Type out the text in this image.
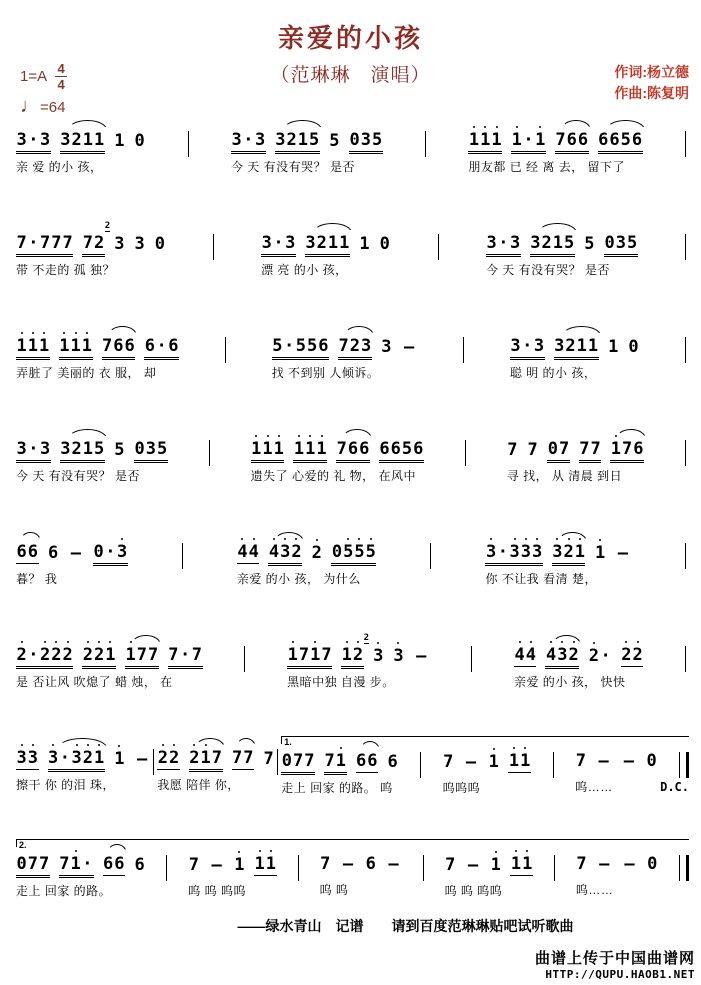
亲爱的小孩
（范琳琳　演唱）	作词:杨立德
作曲:陈复明
1=A 4
4
♩=64
3 · 3 3 2 1 1 1 0
亲 爱 的小 孩，
3 · 3 3 2 1 5 5 0 3 5
今 天 有没有哭？ 是否
1 1 1 1 · 1 7 6 6 6 6 5 6
朋友都 已 经 离 去， 留下了
7 · 7 7 7 7 2
2
3 3 0
带 不走的 孤 独？
3 · 3 3 2 1 1 1 0
漂 亮 的小 孩，
3 · 3 3 2 1 5 5 0 3 5
今 天 有没有哭？ 是否
1 1 1 1 1 1 7 6 6 6 · 6
弄脏了 美丽的 衣 服， 却
5 · 5 5 6 7 2 3 3 –
找 不到别 人倾诉。
3 · 3 3 2 1 1 1 0
聪 明 的小 孩，
3 · 3 3 2 1 5 5 0 3 5
今 天 有没有哭？ 是否
1 1 1 1 1 1 7 6 6 6 6 5 6
遗失了 心爱的 礼 物， 在风中
7 7 0 7 7 7 1 7 6
寻 找， 从 清晨 到日
6 6 6 – 0 · 3
暮？ 我
4 4 4 3 2 2 0 5 5 5
亲爱 的小 孩， 为什么
3 · 3 3 3 3 2 1 1 –
你 不让我 看清 楚，
2 · 2 2 2 2 2 1 1 7 7 7 · 7
是 否让风 吹熄了 蜡 烛， 在
1 7 1 7 1 2
2
3 3 –
黑暗中独 自漫 步。
4 4 4 3 2 2 · 2 2
亲爱 的小 孩， 快快
3 3 3 · 3 2 1 1 –
擦干 你 的泪 珠，
2 2 2 1 7 7 7 7
我愿 陪伴 你，
1.
0 7 7 7 1 6 6 6
走上 回家 的路。 呜
7 – 1 1 1
呜呜呜
7 – – 0
呜……	D.C.
2.
0 7 7 7 1 · 6 6 6
走上 回家 的路。
7 – 1 1 1
呜 呜 呜呜
7 – 6 –
呜 呜
7 – 1 1 1
呜 呜 呜呜
7 – – 0
呜……
——绿水青山　记谱　　请到百度范琳琳贴吧试听歌曲
曲谱上传于中国曲谱网
HTTP://QUPU.HAOB1.NET
